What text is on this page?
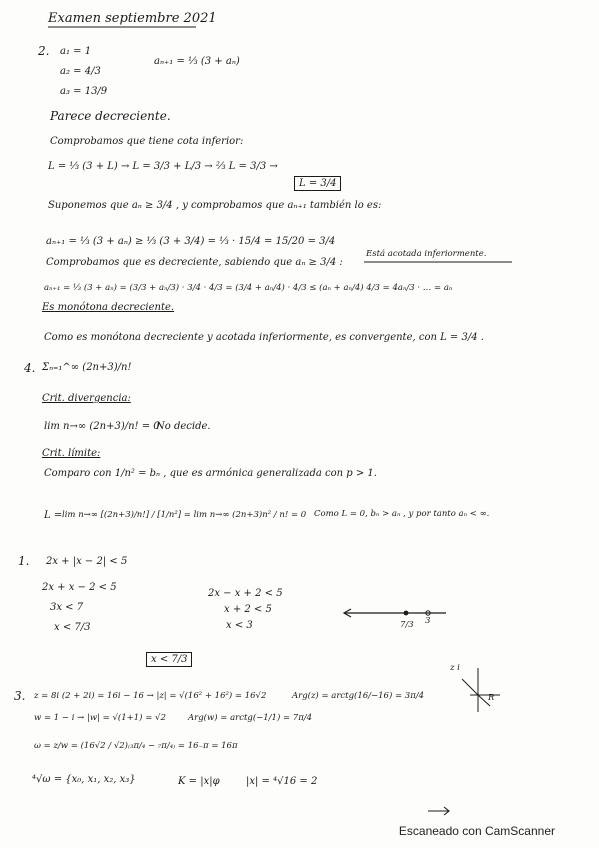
Examen septiembre 2021
2. a₁ = 1
a₂ = 4/3
a₃ = 13/9
aₙ₊₁ = ⅓ (3 + aₙ)
Parece decreciente.
Comprobamos que tiene cota inferior:
L = ⅓ (3 + L) → L = 3/3 + L/3 → ⅔ L = 3/3 →
L = 3/4
Suponemos que aₙ ≥ 3/4 , y comprobamos que aₙ₊₁ también lo es:
aₙ₊₁ = ⅓ (3 + aₙ) ≥ ⅓ (3 + 3/4) = ⅓ · 15/4 = 15/20 = 3/4
Está acotada inferiormente.
Comprobamos que es decreciente, sabiendo que aₙ ≥ 3/4 :
aₙ₊₁ = ⅓ (3 + aₙ) = (3/3 + aₙ/3) · 3/4 · 4/3 = (3/4 + aₙ/4) · 4/3 ≤ (aₙ + aₙ/4) 4/3 = 4aₙ/3 · … = aₙ
Es monótona decreciente.
Como es monótona decreciente y acotada inferiormente, es convergente, con L = 3/4 .
4. Σₙ₌₁^∞ (2n+3)/n!
Crit. divergencia:
lim n→∞ (2n+3)/n! = 0
No decide.
Crit. límite:
Comparo con 1/n² = bₙ , que es armónica generalizada con p > 1.
L = lim n→∞ [(2n+3)/n!] / [1/n²] = lim n→∞ (2n+3)n² / n! = 0 Como L = 0, bₙ > aₙ , y por tanto aₙ < ∞.
1. 2x + |x − 2| < 5
2x + x − 2 < 5
3x < 7
x < 7/3
2x − x + 2 < 5
x + 2 < 5
x < 3	7/3 3
x < 7/3
3. z = 8i (2 + 2i) = 16i − 16 → |z| = √(16² + 16²) = 16√2	Arg(z) = arctg(16/−16) = 3π/4
w = 1 − i → |w| = √(1+1) = √2	Arg(w) = arctg(−1/1) = 7π/4
ω = z/w = (16√2 / √2)₍₃π/₄ − ₇π/₄₎ = 16₋π = 16π
⁴√ω = {x₀, x₁, x₂, x₃}	K = |x|φ	|x| = ⁴√16 = 2
z i
R
Escaneado con CamScanner
